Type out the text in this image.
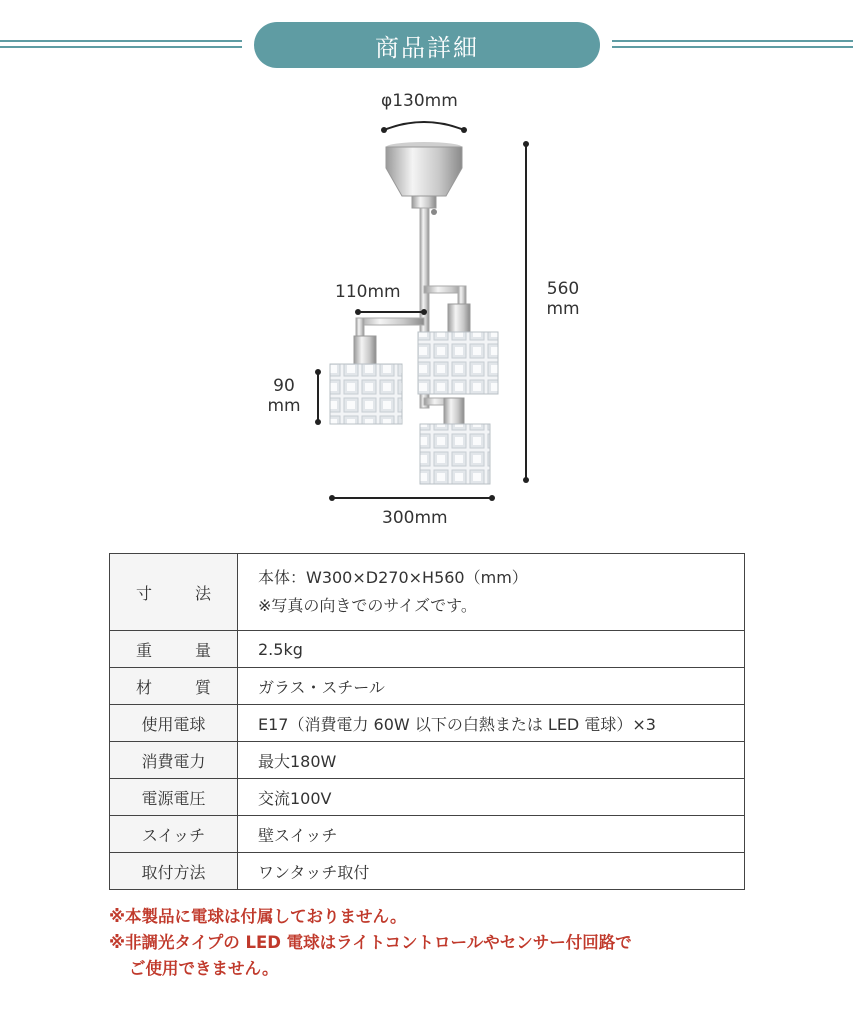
商品詳細
φ130mm
110mm	560
mm
90
mm
300mm
寸　法	本体：W300×D270×H560（mm）
※写真の向きでのサイズです。

重　量	2.5kg
材　質	ガラス・スチール
使用電球	E17（消費電力 60W 以下の白熱または LED 電球）×3
消費電力	最大180W
電源電圧	交流100V
スイッチ	壁スイッチ
取付方法	ワンタッチ取付
※本製品に電球は付属しておりません。
※非調光タイプの LED 電球はライトコントロールやセンサー付回路で
ご使用できません。
